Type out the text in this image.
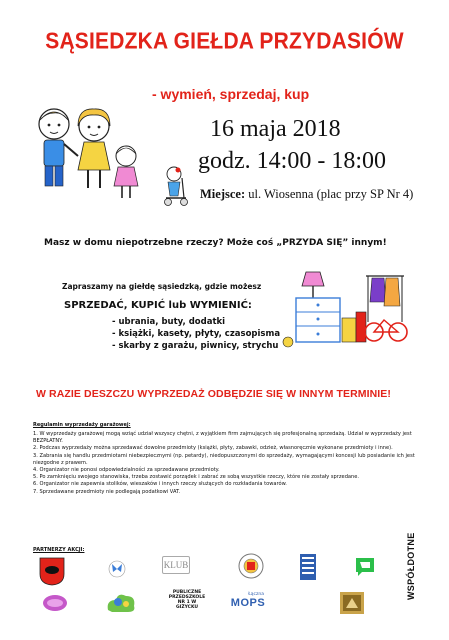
SĄSIEDZKA GIEŁDA PRZYDASIÓW
- wymień, sprzedaj, kup
16 maja 2018
godz. 14:00 - 18:00
Miejsce: ul. Wiosenna (plac przy SP Nr 4)
Masz w domu niepotrzebne rzeczy? Może coś „PRZYDA SIĘ” innym!
Zapraszamy na giełdę sąsiedzką, gdzie możesz
SPRZEDAĆ, KUPIĆ lub WYMIENIĆ:
- ubrania, buty, dodatki
- książki, kasety, płyty, czasopisma
- skarby z garażu, piwnicy, strychu
W RAZIE DESZCZU WYPRZEDAŻ ODBĘDZIE SIĘ W INNYM TERMINIE!
Regulamin wyprzedaży garażowej:
1. W wyprzedaży garażowej mogą wziąć udział wszyscy chętni, z wyjątkiem firm zajmujących się profesjonalną sprzedażą. Udział w wyprzedaży jest BEZPŁATNY.
2. Podczas wyprzedaży można sprzedawać dowolne przedmioty (książki, płyty, zabawki, odzież, własnoręcznie wykonane przedmioty i inne).
3. Zabrania się handlu przedmiotami niebezpiecznymi (np. petardy), niedopuszczonymi do sprzedaży, wymagającymi koncesji lub posiadanie ich jest niezgodne z prawem.
4. Organizator nie ponosi odpowiedzialności za sprzedawane przedmioty.
5. Po zamknięciu swojego stanowiska, trzeba zostawić porządek i zabrać ze sobą wszystkie rzeczy, które nie zostały sprzedane.
6. Organizator nie zapewnia stolików, wieszaków i innych rzeczy służących do rozkładania towarów.
7. Sprzedawane przedmioty nie podlegają podatkowi VAT.
PARTNERZY AKCJI:
KLUB	WSPÓŁDOTNE
PUBLICZNE PRZEDSZKOLE NR 1 W GIŻYCKU
Łączna
MOPS
